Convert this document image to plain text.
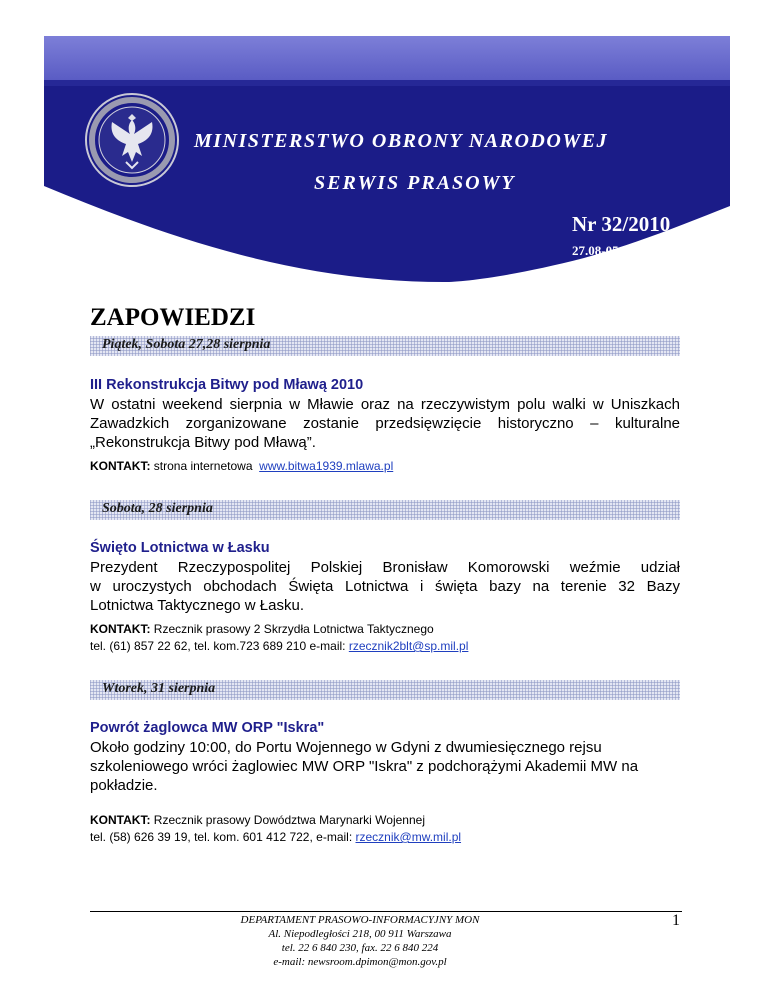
MINISTERSTWO OBRONY NARODOWEJ
SERWIS PRASOWY
Nr 32/2010
27.08-05.09.2010
ZAPOWIEDZI
Piątek, Sobota 27,28 sierpnia
III Rekonstrukcja Bitwy pod Mławą 2010
W ostatni weekend sierpnia w Mławie oraz na rzeczywistym polu walki w Uniszkach
Zawadzkich zorganizowane zostanie przedsięwzięcie historyczno – kulturalne
„Rekonstrukcja Bitwy pod Mławą”.

KONTAKT: strona internetowa  www.bitwa1939.mlawa.pl

Sobota, 28 sierpnia
Święto Lotnictwa w Łasku
Prezydent Rzeczypospolitej Polskiej Bronisław Komorowski weźmie udział
w uroczystych obchodach Święta Lotnictwa i święta bazy na terenie 32 Bazy
Lotnictwa Taktycznego w Łasku.

KONTAKT: Rzecznik prasowy 2 Skrzydła Lotnictwa Taktycznego
tel. (61) 857 22 62, tel. kom.723 689 210 e-mail: rzecznik2blt@sp.mil.pl

Wtorek, 31 sierpnia
Powrót żaglowca MW ORP "Iskra"
Około godziny 10:00, do Portu Wojennego w Gdyni z dwumiesięcznego rejsu
szkoleniowego wróci żaglowiec MW ORP "Iskra" z podchorążymi Akademii MW na
pokładzie.

KONTAKT: Rzecznik prasowy Dowództwa Marynarki Wojennej
tel. (58) 626 39 19, tel. kom. 601 412 722, e-mail: rzecznik@mw.mil.pl

DEPARTAMENT PRASOWO-INFORMACYJNY MON
Al. Niepodległości 218, 00 911 Warszawa
tel. 22 6 840 230, fax. 22 6 840 224
e-mail: newsroom.dpimon@mon.gov.pl
1
